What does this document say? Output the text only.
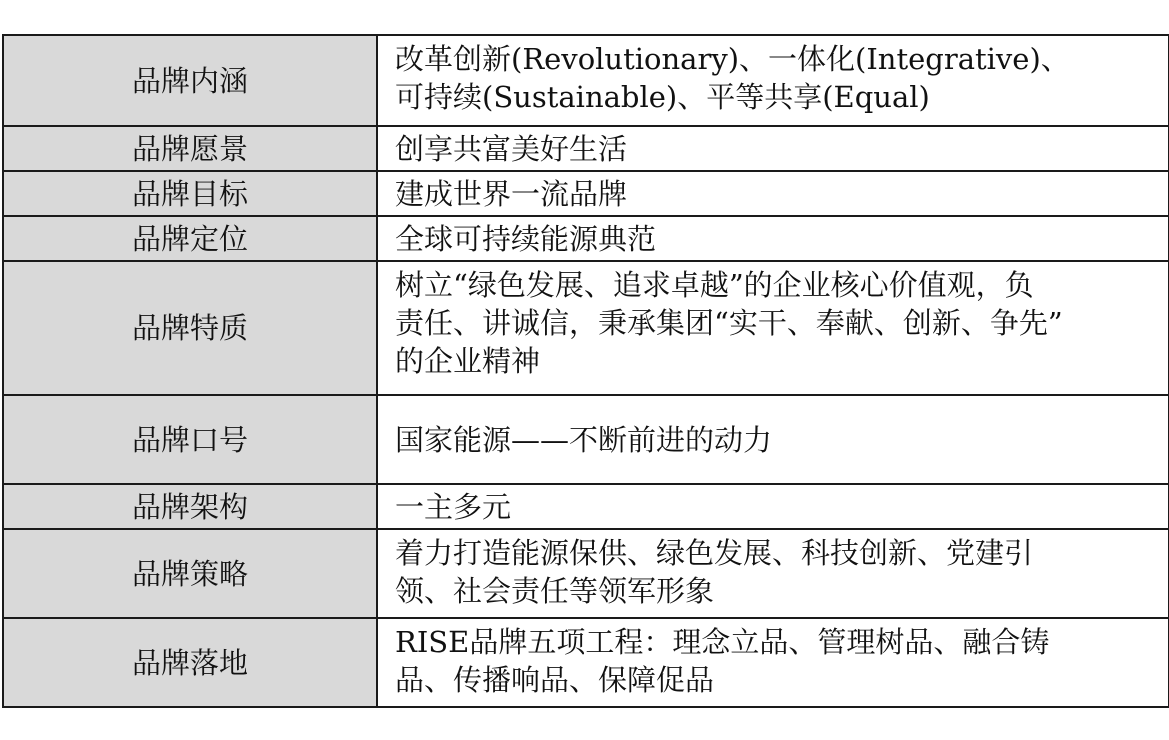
品牌内涵	改革创新(Revolutionary)、一体化(Integrative)、
可持续(Sustainable)、平等共享(Equal)
品牌愿景	创享共富美好生活
品牌目标	建成世界一流品牌
品牌定位	全球可持续能源典范
品牌特质	树立“绿色发展、追求卓越”的企业核心价值观，负
责任、讲诚信，秉承集团“实干、奉献、创新、争先”
的企业精神
品牌口号	国家能源——不断前进的动力
品牌架构	一主多元
品牌策略	着力打造能源保供、绿色发展、科技创新、党建引
领、社会责任等领军形象
品牌落地	RISE品牌五项工程：理念立品、管理树品、融合铸
品、传播响品、保障促品
